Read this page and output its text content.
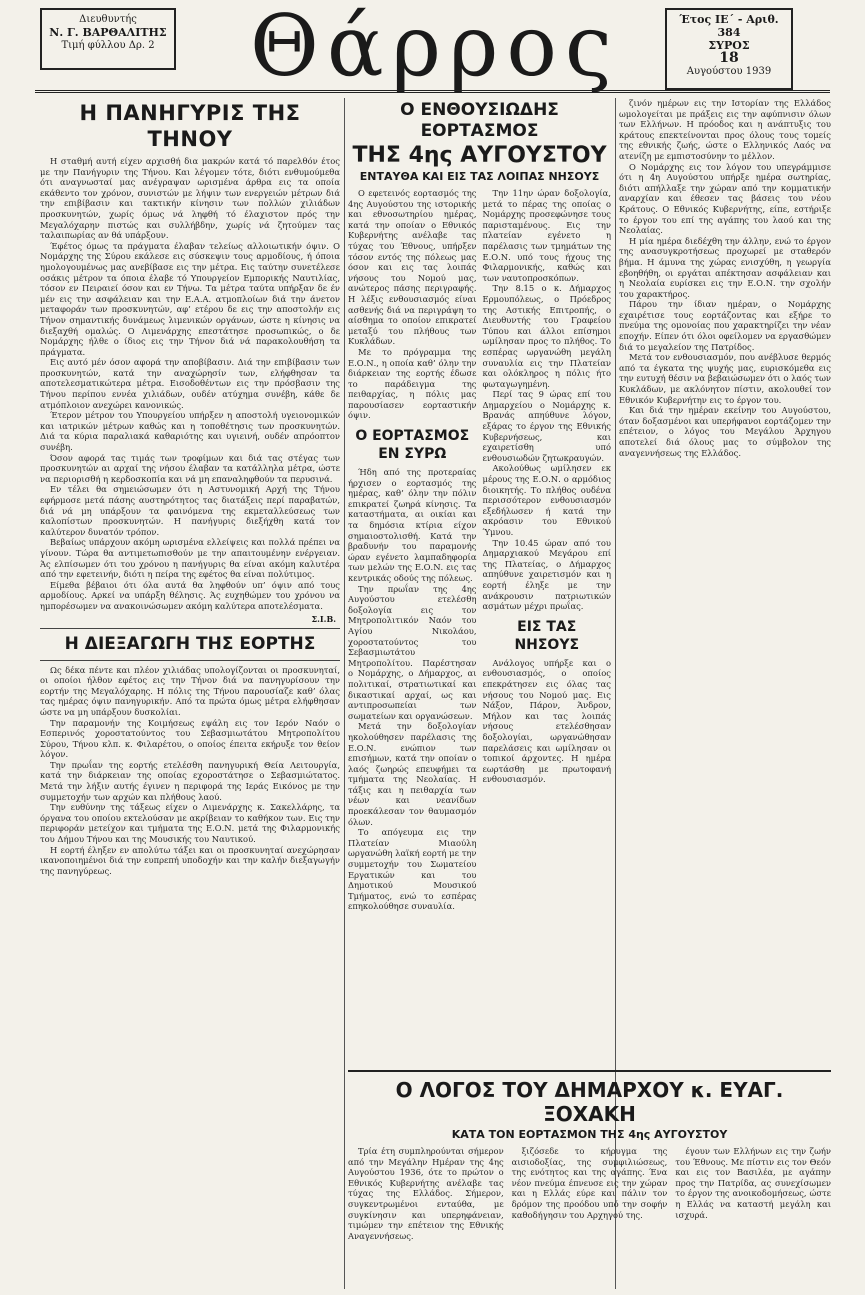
Διευθυντής
Ν. Γ. ΒΑΡΘΑΛΙΤΗΣ
Τιμή φύλλου Δρ. 2 Θάρρος	Έτος ΙΕ΄ - Αριθ. 384
ΣΥΡΟΣ
18
Αυγούστου 1939
Η ΠΑΝΗΓΥΡΙΣ ΤΗΣ ΤΗΝΟΥ

Η σταθμή αυτή είχεν αρχισθή δια μακρών κατά τό παρελθόν έτος με την Πανήγυριν της Τήνου. Και λέγομεν τότε, διότι ενθυμούμεθα ότι αναγνωσταί μας ανέγραψαν ωρισμένα άρθρα εις τα οποία εκάθεντο τον χρόνον, συνιστών με λήψιν των ενεργειών μέτρων διά την επιβίβασιν και τακτικήν κίνησιν των πολλών χιλιάδων προσκυνητών, χωρίς όμως νά ληφθή τό έλαχιστον πρός την Μεγαλόχαρην πιστώς και συλλήβδην, χωρίς νά ζητούμεν τας ταλαιπωρίας αν θά υπάρξουν.

Έφέτος όμως τα πράγματα έλαβαν τελείως αλλοιωτικήν όψιν. Ο Νομάρχης της Σύρου εκάλεσε εις σύσκεψιν τους αρμοδίους, ή όποια ημολογουμένως μας ανεβίβασε εις την μέτρα. Εις ταύτην συνετέλεσε οσάκις μέτρον τα όποια έλαβε τό Υπουργείον Εμπορικής Ναυτιλίας, τόσον εν Πειραιεί όσον και εν Τήνω. Τα μέτρα ταύτα υπήρξαν δε έν μέν εις την ασφάλειαν και την Ε.Α.Α. ατμοπλοίων διά την άνετον μεταφοράν των προσκυνητών, αφ’ ετέρου δε εις την αποστολήν εις Τήνον σημαντικής δυνάμεως λιμενικών οργάνων, ώστε η κίνησις να διεξαχθή ομαλώς. Ο Λιμενάρχης επεστάτησε προσωπικώς, ο δε Νομάρχης ήλθε ο ίδιος εις την Τήνον διά νά παρακολουθήση τα πράγματα.

Εις αυτό μέν όσον αφορά την αποβίβασιν. Διά την επιβίβασιν των προσκυνητών, κατά την αναχώρησίν των, ελήφθησαν τα αποτελεσματικώτερα μέτρα. Εισοδοθέντων εις την πρόσβασιν της Τήνου περίπου εννέα χιλιάδων, ουδέν ατύχημα συνέβη, κάθε δε ατμόπλοιον ανεχώρει κανονικώς.

Έτερον μέτρον του Υπουργείου υπήρξεν η αποστολή υγειονομικών και ιατρικών μέτρων καθώς και η τοποθέτησις των προσκυνητών. Διά τα κύρια παραλιακά καθαριότης και υγιεινή, ουδέν απρόοπτον συνέβη.

Όσον αφορά τας τιμάς των τροφίμων και διά τας στέγας των προσκυνητών αι αρχαί της νήσου έλαβαν τα κατάλληλα μέτρα, ώστε να περιορισθή η κερδοσκοπία και νά μη επαναληφθούν τα περυσινά.

Εν τέλει θα σημειώσωμεν ότι η Αστυνομική Αρχή της Τήνου εφήρμοσε μετά πάσης αυστηρότητος τας διατάξεις περί παραβατών, διά νά μη υπάρξουν τα φαινόμενα της εκμεταλλεύσεως των καλοπίστων προσκυνητών. Η πανήγυρις διεξήχθη κατά τον καλύτερον δυνατόν τρόπον.

Βεβαίως υπάρχουν ακόμη ωρισμένα ελλείψεις και πολλά πρέπει να γίνουν. Τώρα θα αντιμετωπισθούν με την απαιτουμένην ενέργειαν. Άς ελπίσωμεν ότι του χρόνου η πανήγυρις θα είναι ακόμη καλυτέρα από την εφετεινήν, διότι η πείρα της εφέτος θα είναι πολύτιμος.

Είμεθα βέβαιοι ότι όλα αυτά θα ληφθούν υπ’ όψιν από τους αρμοδίους. Αρκεί να υπάρξη θέλησις. Άς ευχηθώμεν του χρόνου να ημπορέσωμεν να ανακοινώσωμεν ακόμη καλύτερα αποτελέσματα.

Σ.Ι.Β.
Η ΔΙΕΞΑΓΩΓΗ ΤΗΣ ΕΟΡΤΗΣ

Ως δέκα πέντε και πλέον χιλιάδας υπολογίζονται οι προσκυνηταί, οι οποίοι ήλθον εφέτος εις την Τήνον διά να πανηγυρίσουν την εορτήν της Μεγαλόχαρης. Η πόλις της Τήνου παρουσίαζε καθ’ όλας τας ημέρας όψιν πανηγυρικήν. Από τα πρώτα όμως μέτρα ελήφθησαν ώστε να μη υπάρξουν δυσκολίαι.

Την παραμονήν της Κοιμήσεως εψάλη εις τον Ιερόν Ναόν ο Εσπερινός χοροστατούντος του Σεβασμιωτάτου Μητροπολίτου Σύρου, Τήνου κλπ. κ. Φιλαρέτου, ο οποίος έπειτα εκήρυξε τον θείον λόγον.

Την πρωΐαν της εορτής ετελέσθη πανηγυρική Θεία Λειτουργία, κατά την διάρκειαν της οποίας εχοροστάτησε ο Σεβασμιώτατος. Μετά την λήξιν αυτής έγινεν η περιφορά της Ιεράς Εικόνος με την συμμετοχήν των αρχών και πλήθους λαού.

Την ευθύνην της τάξεως είχεν ο Λιμενάρχης κ. Σακελλάρης, τα όργανα του οποίου εκτελούσαν με ακρίβειαν το καθήκον των. Εις την περιφοράν μετείχον και τμήματα της Ε.Ο.Ν. μετά της Φιλαρμονικής του Δήμου Τήνου και της Μουσικής του Ναυτικού.

Η εορτή έληξεν εν απολύτω τάξει και οι προσκυνηταί ανεχώρησαν ικανοποιημένοι διά την ευπρεπή υποδοχήν και την καλήν διεξαγωγήν της πανηγύρεως.

Ο ΕΝΘΟΥΣΙΩΔΗΣ ΕΟΡΤΑΣΜΟΣ
ΤΗΣ 4ης ΑΥΓΟΥΣΤΟΥ
ΕΝΤΑΥΘΑ ΚΑΙ ΕΙΣ ΤΑΣ ΛΟΙΠΑΣ ΝΗΣΟΥΣ

Ο εφετεινός εορτασμός της 4ης Αυγούστου της ιστορικής και εθνοσωτηρίου ημέρας, κατά την οποίαν ο Εθνικός Κυβερνήτης ανέλαβε τας τύχας του Έθνους, υπήρξεν τόσον εντός της πόλεως μας όσον και εις τας λοιπάς νήσους του Νομού μας, ανώτερος πάσης περιγραφής. Η λέξις ενθουσιασμός είναι ασθενής διά να περιγράψη το αίσθημα το οποίον επικρατεί μεταξύ του πλήθους των Κυκλάδων.

Με το πρόγραμμα της Ε.Ο.Ν., η οποία καθ’ όλην την διάρκειαν της εορτής έδωσε το παράδειγμα της πειθαρχίας, η πόλις μας παρουσίασεν εορταστικήν όψιν.

Ο ΕΟΡΤΑΣΜΟΣ ΕΝ ΣΥΡΩ

Ήδη από της προτεραίας ήρχισεν ο εορτασμός της ημέρας, καθ’ όλην την πόλιν επικρατεί ζωηρά κίνησις. Τα καταστήματα, αι οικίαι και τα δημόσια κτίρια είχον σημαιοστολισθή. Κατά την βραδυνήν του παραμονής ώραν εγένετο λαμπαδηφορία των μελών της Ε.Ο.Ν. εις τας κεντρικάς οδούς της πόλεως.

Την πρωΐαν της 4ης Αυγούστου ετελέσθη δοξολογία εις τον Μητροπολιτικόν Ναόν του Αγίου Νικολάου, χοροστατούντος του Σεβασμιωτάτου Μητροπολίτου. Παρέστησαν ο Νομάρχης, ο Δήμαρχος, αι πολιτικαί, στρατιωτικαί και δικαστικαί αρχαί, ως και αντιπροσωπείαι των σωματείων και οργανώσεων.

Μετά την δοξολογίαν ηκολούθησεν παρέλασις της Ε.Ο.Ν. ενώπιον των επισήμων, κατά την οποίαν ο λαός ζωηρώς επευφήμει τα τμήματα της Νεολαίας. Η τάξις και η πειθαρχία των νέων και νεανίδων προεκάλεσαν τον θαυμασμόν όλων.

Το απόγευμα εις την Πλατείαν Μιαούλη ωργανώθη λαϊκή εορτή με την συμμετοχήν του Σωματείου Εργατικών και του Δημοτικού Μουσικού Τμήματος, ενώ το εσπέρας επηκολούθησε συναυλία.

Την 11ην ώραν δοξολογία, μετά το πέρας της οποίας ο Νομάρχης προσεφώνησε τους παρισταμένους. Εις την πλατείαν εγένετο η παρέλασις των τμημάτων της Ε.Ο.Ν. υπό τους ήχους της Φιλαρμονικής, καθώς και των ναυτοπροσκόπων.

Την 8.15 ο κ. Δήμαρχος Ερμουπόλεως, ο Πρόεδρος της Αστικής Επιτροπής, ο Διευθυντής του Γραφείου Τύπου και άλλοι επίσημοι ωμίλησαν προς το πλήθος. Το εσπέρας ωργανώθη μεγάλη συναυλία εις την Πλατείαν και ολόκληρος η πόλις ήτο φωταγωγημένη.

Περί τας 9 ώρας επί του Δημαρχείου ο Νομάρχης κ. Βρανάς απηύθυνε λόγον, εξάρας το έργον της Εθνικής Κυβερνήσεως, και εχαιρετίσθη υπό ενθουσιωδών ζητωκραυγών.

Ακολούθως ωμίλησεν εκ μέρους της Ε.Ο.Ν. ο αρμόδιος διοικητής. Το πλήθος ουδένα περισσότερον ενθουσιασμόν εξεδήλωσεν ή κατά την ακρόασιν του Εθνικού Ύμνου.

Την 10.45 ώραν από του Δημαρχιακού Μεγάρου επί της Πλατείας, ο Δήμαρχος απηύθυνε χαιρετισμόν και η εορτή έληξε με την ανάκρουσιν πατριωτικών ασμάτων μέχρι πρωΐας.

ΕΙΣ ΤΑΣ ΝΗΣΟΥΣ

Ανάλογος υπήρξε και ο ενθουσιασμός, ο οποίος επεκράτησεν εις όλας τας νήσους του Νομού μας. Εις Νάξον, Πάρον, Άνδρον, Μήλον και τας λοιπάς νήσους ετελέσθησαν δοξολογίαι, ωργανώθησαν παρελάσεις και ωμίλησαν οι τοπικοί άρχοντες. Η ημέρα εωρτάσθη με πρωτοφανή ενθουσιασμόν.

ζινόν ημέρων εις την Ιστορίαν της Ελλάδος ωμολογείται με πράξεις εις την αφύπνισιν όλων των Ελλήνων. Η πρόοδος και η ανάπτυξις του κράτους επεκτείνονται προς όλους τους τομείς της εθνικής ζωής, ώστε ο Ελληνικός Λαός να ατενίζη με εμπιστοσύνην το μέλλον.

Ο Νομάρχης εις τον λόγον του υπεγράμμισε ότι η 4η Αυγούστου υπήρξε ημέρα σωτηρίας, διότι απήλλαξε την χώραν από την κομματικήν αναρχίαν και έθεσεν τας βάσεις του νέου Κράτους. Ο Εθνικός Κυβερνήτης, είπε, εστήριξε το έργον του επί της αγάπης του λαού και της Νεολαίας.

Η μία ημέρα διεδέχθη την άλλην, ενώ το έργον της ανασυγκροτήσεως προχωρεί με σταθερόν βήμα. Η άμυνα της χώρας ενισχύθη, η γεωργία εβοηθήθη, οι εργάται απέκτησαν ασφάλειαν και η Νεολαία ευρίσκει εις την Ε.Ο.Ν. την σχολήν του χαρακτήρος.

Πάρου την ίδιαν ημέραν, ο Νομάρχης εχαιρέτισε τους εορτάζοντας και εξήρε το πνεύμα της ομονοίας που χαρακτηρίζει την νέαν εποχήν. Είπεν ότι όλοι οφείλομεν να εργασθώμεν διά το μεγαλείον της Πατρίδος.

Μετά τον ενθουσιασμόν, που ανέβλυσε θερμός από τα έγκατα της ψυχής μας, ευρισκόμεθα εις την ευτυχή θέσιν να βεβαιώσωμεν ότι ο λαός των Κυκλάδων, με ακλόνητον πίστιν, ακολουθεί τον Εθνικόν Κυβερνήτην εις το έργον του.

Και διά την ημέραν εκείνην του Αυγούστου, όταν δοξασμένοι και υπερήφανοι εορτάζομεν την επέτειον, ο λόγος του Μεγάλου Άρχηγου αποτελεί διά όλους μας το σύμβολον της αναγεννήσεως της Ελλάδος.

Ο ΛΟΓΟΣ ΤΟΥ ΔΗΜΑΡΧΟΥ κ. ΕΥΑΓ. ΞΟΧΑΚΗ
ΚΑΤΑ ΤΟΝ ΕΟΡΤΑΣΜΟΝ ΤΗΣ 4ης ΑΥΓΟΥΣΤΟΥ

Τρία έτη συμπληρούνται σήμερον από την Μεγάλην Ημέραν της 4ης Αυγούστου 1936, ότε το πρώτον ο Εθνικός Κυβερνήτης ανέλαβε τας τύχας της Ελλάδος. Σήμερον, συγκεντρωμένοι ενταύθα, με συγκίνησιν και υπερηφάνειαν, τιμώμεν την επέτειον της Εθνικής Αναγεννήσεως.

ξιζόσεδε το κήρυγμα της αισιοδοξίας, της συμφιλιώσεως, της ενότητος και της αγάπης. Ένα νέον πνεύμα έπνευσε εις την χώραν και η Ελλάς εύρε και πάλιν τον δρόμον της προόδου υπό την σοφήν καθοδήγησιν του Αρχηγού της.

έγουν των Ελλήνων εις την ζωήν του Έθνους. Με πίστιν εις τον Θεόν και εις τον Βασιλέα, με αγάπην προς την Πατρίδα, ας συνεχίσωμεν το έργον της ανοικοδομήσεως, ώστε η Ελλάς να καταστή μεγάλη και ισχυρά.
